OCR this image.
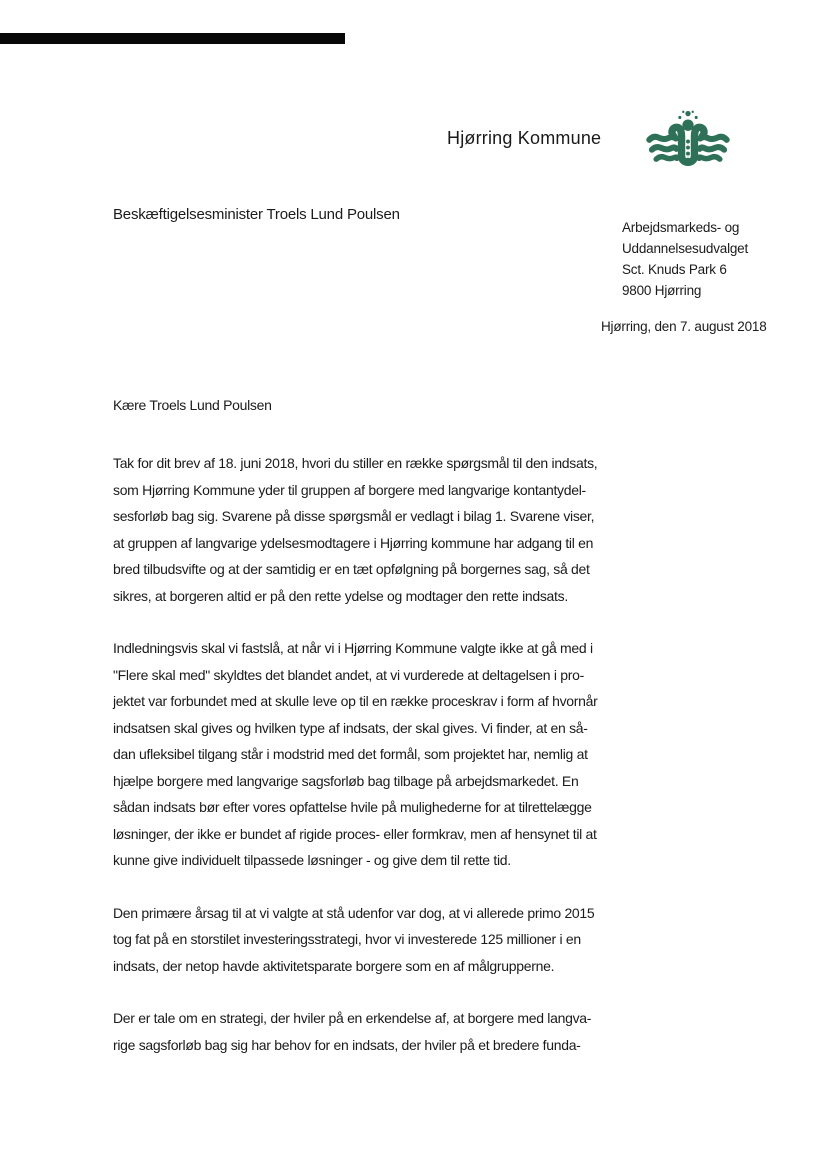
Hjørring Kommune
Beskæftigelsesminister Troels Lund Poulsen
Arbejdsmarkeds- og
Uddannelsesudvalget
Sct. Knuds Park 6
9800 Hjørring
Hjørring, den 7. august 2018
Kære Troels Lund Poulsen
Tak for dit brev af 18. juni 2018, hvori du stiller en række spørgsmål til den indsats,
som Hjørring Kommune yder til gruppen af borgere med langvarige kontantydel-
sesforløb bag sig. Svarene på disse spørgsmål er vedlagt i bilag 1. Svarene viser,
at gruppen af langvarige ydelsesmodtagere i Hjørring kommune har adgang til en
bred tilbudsvifte og at der samtidig er en tæt opfølgning på borgernes sag, så det
sikres, at borgeren altid er på den rette ydelse og modtager den rette indsats.
Indledningsvis skal vi fastslå, at når vi i Hjørring Kommune valgte ikke at gå med i
"Flere skal med" skyldtes det blandet andet, at vi vurderede at deltagelsen i pro-
jektet var forbundet med at skulle leve op til en række proceskrav i form af hvornår
indsatsen skal gives og hvilken type af indsats, der skal gives. Vi finder, at en så-
dan ufleksibel tilgang står i modstrid med det formål, som projektet har, nemlig at
hjælpe borgere med langvarige sagsforløb bag tilbage på arbejdsmarkedet. En
sådan indsats bør efter vores opfattelse hvile på mulighederne for at tilrettelægge
løsninger, der ikke er bundet af rigide proces- eller formkrav, men af hensynet til at
kunne give individuelt tilpassede løsninger - og give dem til rette tid.
Den primære årsag til at vi valgte at stå udenfor var dog, at vi allerede primo 2015
tog fat på en storstilet investeringsstrategi, hvor vi investerede 125 millioner i en
indsats, der netop havde aktivitetsparate borgere som en af målgrupperne.
Der er tale om en strategi, der hviler på en erkendelse af, at borgere med langva-
rige sagsforløb bag sig har behov for en indsats, der hviler på et bredere funda-
